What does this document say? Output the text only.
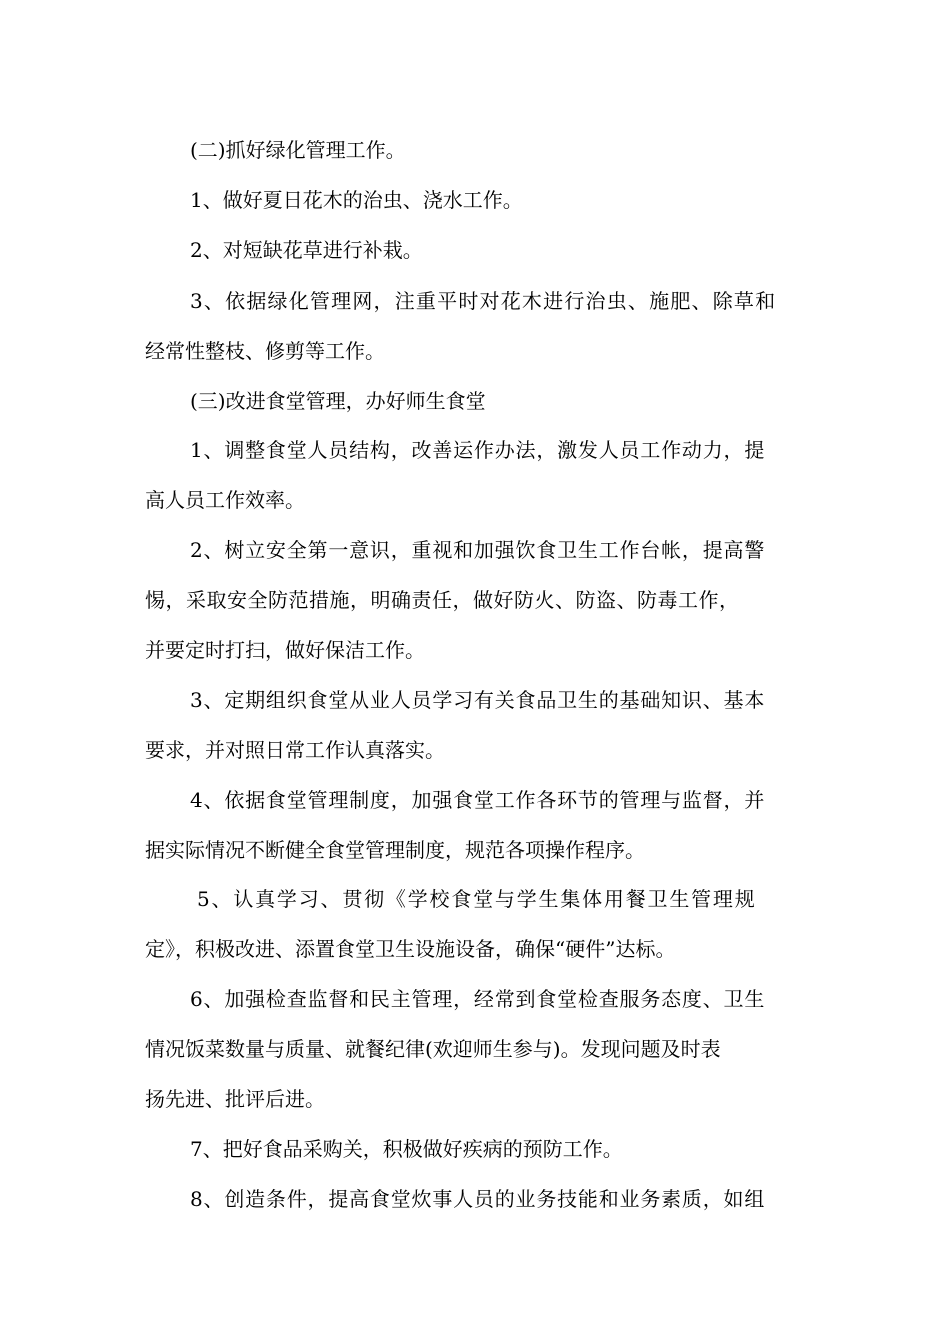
(二)抓好绿化管理工作。
1、做好夏日花木的治虫、浇水工作。
2、对短缺花草进行补栽。
3、依据绿化管理网，注重平时对花木进行治虫、施肥、除草和
经常性整枝、修剪等工作。
(三)改进食堂管理，办好师生食堂
1、调整食堂人员结构，改善运作办法，激发人员工作动力，提
高人员工作效率。
2、树立安全第一意识，重视和加强饮食卫生工作台帐，提高警
惕，采取安全防范措施，明确责任，做好防火、防盗、防毒工作，
并要定时打扫，做好保洁工作。
3、定期组织食堂从业人员学习有关食品卫生的基础知识、基本
要求，并对照日常工作认真落实。
4、依据食堂管理制度，加强食堂工作各环节的管理与监督，并
据实际情况不断健全食堂管理制度，规范各项操作程序。
5、认真学习、贯彻《学校食堂与学生集体用餐卫生管理规
定》，积极改进、添置食堂卫生设施设备，确保“硬件”达标。
6、加强检查监督和民主管理，经常到食堂检查服务态度、卫生
情况饭菜数量与质量、就餐纪律(欢迎师生参与)。发现问题及时表
扬先进、批评后进。
7、把好食品采购关，积极做好疾病的预防工作。
8、创造条件，提高食堂炊事人员的业务技能和业务素质，如组
